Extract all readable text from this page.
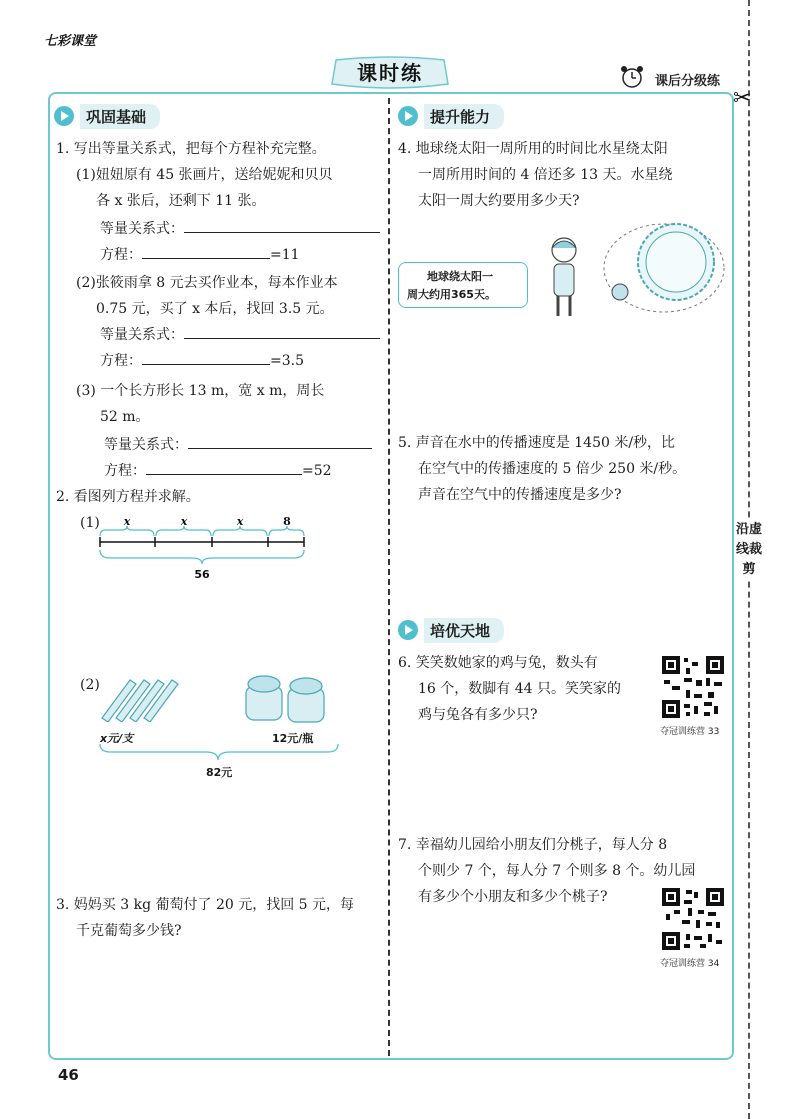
七彩课堂
课时练	课后分级练
✂
沿虚线裁剪
巩固基础
1. 写出等量关系式，把每个方程补充完整。
(1)妞妞原有 45 张画片，送给妮妮和贝贝
各 x 张后，还剩下 11 张。
等量关系式：
方程：	=11
(2)张筱雨拿 8 元去买作业本，每本作业本
0.75 元，买了 x 本后，找回 3.5 元。
等量关系式：
方程：	=3.5
(3) 一个长方形长 13 m，宽 x m，周长
52 m。
等量关系式：
方程：	=52
2. 看图列方程并求解。
(1) x	x	x	8
56
(2)
x元/支	12元/瓶
82元
3. 妈妈买 3 kg 葡萄付了 20 元，找回 5 元，每
千克葡萄多少钱?
提升能力
4. 地球绕太阳一周所用的时间比水星绕太阳
一周所用时间的 4 倍还多 13 天。水星绕
太阳一周大约要用多少天?
地球绕太阳一
周大约用365天。
5. 声音在水中的传播速度是 1450 米/秒，比
在空气中的传播速度的 5 倍少 250 米/秒。
声音在空气中的传播速度是多少?
培优天地
6. 笑笑数她家的鸡与兔，数头有
16 个，数脚有 44 只。笑笑家的
鸡与兔各有多少只?
夺冠训练营 33
7. 幸福幼儿园给小朋友们分桃子，每人分 8
个则少 7 个，每人分 7 个则多 8 个。幼儿园
有多少个小朋友和多少个桃子?
夺冠训练营 34
46
